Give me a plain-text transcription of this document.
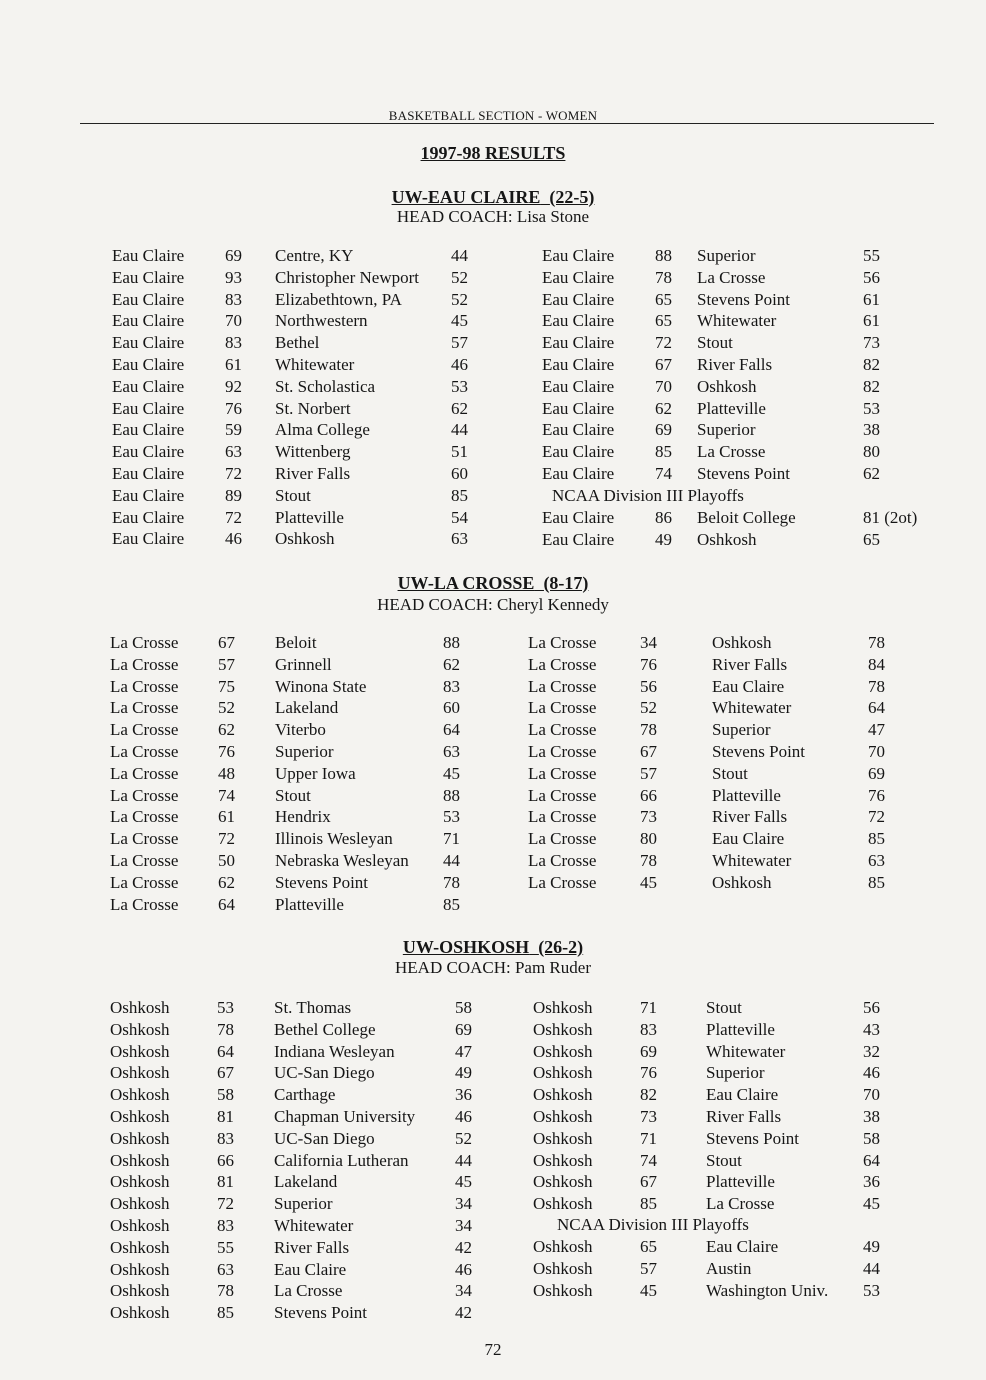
BASKETBALL SECTION - WOMEN
1997-98 RESULTS
UW-EAU CLAIRE (22-5)
HEAD COACH: Lisa Stone
Eau Claire 69 Centre, KY	44
Eau Claire 93 Christopher Newport 52
Eau Claire 83 Elizabethtown, PA	52
Eau Claire 70 Northwestern	45
Eau Claire 83 Bethel	57
Eau Claire 61 Whitewater	46
Eau Claire 92 St. Scholastica	53
Eau Claire 76 St. Norbert	62
Eau Claire 59 Alma College	44
Eau Claire 63 Wittenberg	51
Eau Claire 72 River Falls	60
Eau Claire 89 Stout	85
Eau Claire 72 Platteville	54
Eau Claire 46 Oshkosh	63
Eau Claire 88 Superior	55
Eau Claire 78 La Crosse	56
Eau Claire 65 Stevens Point	61
Eau Claire 65 Whitewater	61
Eau Claire 72 Stout	73
Eau Claire 67 River Falls	82
Eau Claire 70 Oshkosh	82
Eau Claire 62 Platteville	53
Eau Claire 69 Superior	38
Eau Claire 85 La Crosse	80
Eau Claire 74 Stevens Point	62
NCAA Division III Playoffs
Eau Claire 86 Beloit College	81 (2ot)
Eau Claire 49 Oshkosh	65
UW-LA CROSSE (8-17)
HEAD COACH: Cheryl Kennedy
La Crosse 67 Beloit	88
La Crosse 57 Grinnell	62
La Crosse 75 Winona State	83
La Crosse 52 Lakeland	60
La Crosse 62 Viterbo	64
La Crosse 76 Superior	63
La Crosse 48 Upper Iowa	45
La Crosse 74 Stout	88
La Crosse 61 Hendrix	53
La Crosse 72 Illinois Wesleyan	71
La Crosse 50 Nebraska Wesleyan 44
La Crosse 62 Stevens Point	78
La Crosse 64 Platteville	85
La Crosse	34	Oshkosh	78
La Crosse	76	River Falls	84
La Crosse	56	Eau Claire	78
La Crosse	52	Whitewater	64
La Crosse	78	Superior	47
La Crosse	67	Stevens Point	70
La Crosse	57	Stout	69
La Crosse	66	Platteville	76
La Crosse	73	River Falls	72
La Crosse	80	Eau Claire	85
La Crosse	78	Whitewater	63
La Crosse	45	Oshkosh	85
UW-OSHKOSH (26-2)
HEAD COACH: Pam Ruder
Oshkosh	53 St. Thomas	58
Oshkosh	78 Bethel College	69
Oshkosh	64 Indiana Wesleyan	47
Oshkosh	67 UC-San Diego	49
Oshkosh	58 Carthage	36
Oshkosh	81 Chapman University 46
Oshkosh	83 UC-San Diego	52
Oshkosh	66 California Lutheran	44
Oshkosh	81 Lakeland	45
Oshkosh	72 Superior	34
Oshkosh	83 Whitewater	34
Oshkosh	55 River Falls	42
Oshkosh	63 Eau Claire	46
Oshkosh	78 La Crosse	34
Oshkosh	85 Stevens Point	42
Oshkosh	71	Stout	56
Oshkosh	83	Platteville	43
Oshkosh	69	Whitewater	32
Oshkosh	76	Superior	46
Oshkosh	82	Eau Claire	70
Oshkosh	73	River Falls	38
Oshkosh	71	Stevens Point	58
Oshkosh	74	Stout	64
Oshkosh	67	Platteville	36
Oshkosh	85	La Crosse	45
NCAA Division III Playoffs
Oshkosh	65	Eau Claire	49
Oshkosh	57	Austin	44
Oshkosh	45	Washington Univ. 53
72
